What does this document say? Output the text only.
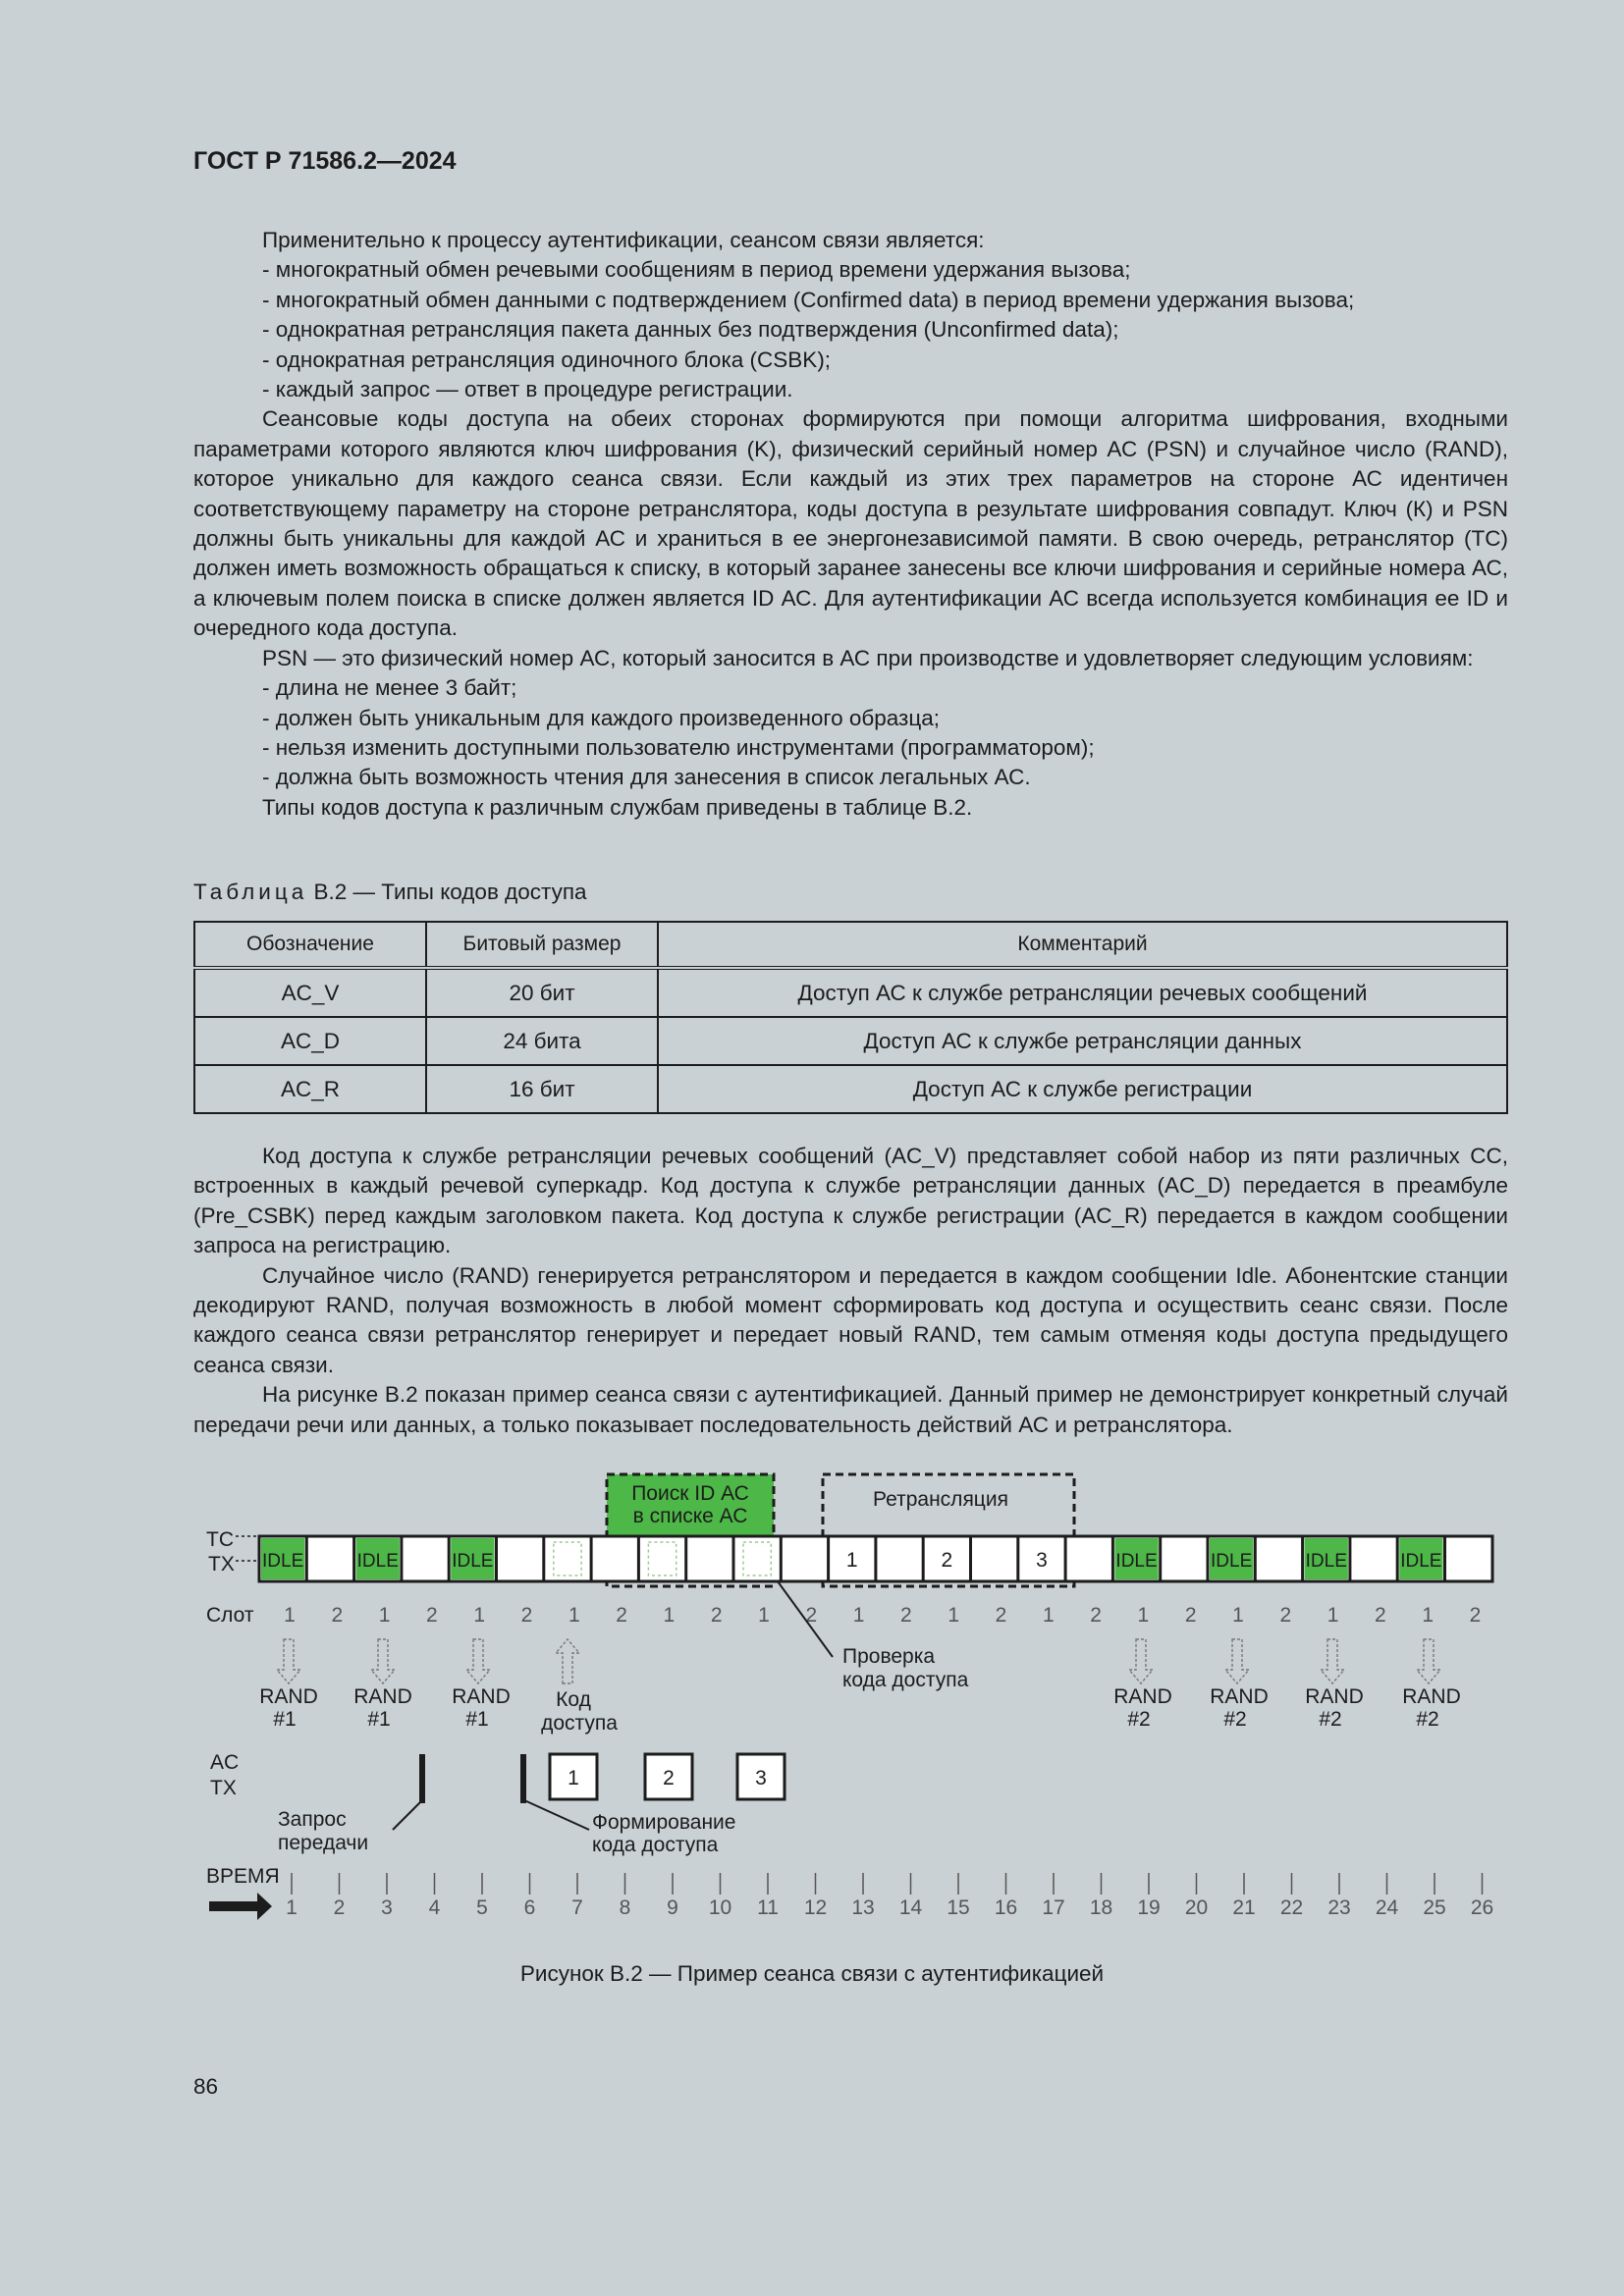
ГОСТ Р 71586.2—2024

Применительно к процессу аутентификации, сеансом связи является:

- многократный обмен речевыми сообщениям в период времени удержания вызова;

- многократный обмен данными с подтверждением (Confirmed data) в период времени удержания вызова;

- однократная ретрансляция пакета данных без подтверждения (Unconfirmed data);

- однократная ретрансляция одиночного блока (CSBK);

- каждый запрос — ответ в процедуре регистрации.

Сеансовые коды доступа на обеих сторонах формируются при помощи алгоритма шифрования, входными параметрами которого являются ключ шифрования (K), физический серийный номер АС (PSN) и случайное число (RAND), которое уникально для каждого сеанса связи. Если каждый из этих трех параметров на стороне АС идентичен соответствующему параметру на стороне ретранслятора, коды доступа в результате шифрования совпадут. Ключ (К) и PSN должны быть уникальны для каждой АС и храниться в ее энергонезависимой памяти. В свою очередь, ретранслятор (ТС) должен иметь возможность обращаться к списку, в который заранее занесены все ключи шифрования и серийные номера АС, а ключевым полем поиска в списке должен является ID АС. Для аутентификации АС всегда используется комбинация ее ID и очередного кода доступа.

PSN — это физический номер АС, который заносится в АС при производстве и удовлетворяет следующим условиям:

- длина не менее 3 байт;

- должен быть уникальным для каждого произведенного образца;

- нельзя изменить доступными пользователю инструментами (программатором);

- должна быть возможность чтения для занесения в список легальных АС.

Типы кодов доступа к различным службам приведены в таблице В.2.

Таблица В.2 — Типы кодов доступа
Обозначение	Битовый размер	Комментарий
AC_V	20 бит	Доступ АС к службе ретрансляции речевых сообщений
AC_D	24 бита	Доступ АС к службе ретрансляции данных
AC_R	16 бит	Доступ АС к службе регистрации

Код доступа к службе ретрансляции речевых сообщений (AC_V) представляет собой набор из пяти различных СС, встроенных в каждый речевой суперкадр. Код доступа к службе ретрансляции данных (AC_D) передается в преамбуле (Pre_CSBK) перед каждым заголовком пакета. Код доступа к службе регистрации (AC_R) передается в каждом сообщении запроса на регистрацию.

Случайное число (RAND) генерируется ретранслятором и передается в каждом сообщении Idle. Абонентские станции декодируют RAND, получая возможность в любой момент сформировать код доступа и осуществить сеанс связи. После каждого сеанса связи ретранслятор генерирует и передает новый RAND, тем самым отменяя коды доступа предыдущего сеанса связи.

На рисунке В.2 показан пример сеанса связи с аутентификацией. Данный пример не демонстрирует конкретный случай передачи речи или данных, а только показывает последовательность действий АС и ретранслятора.

Поиск ID АС
в списке АС
Ретрансляция
TC
TX IDLE	IDLE	IDLE	IDLE	IDLE	IDLE	IDLE
1	2	3
Слот 1 2 1 2 1 2 1 2 1 2 1 2 1 2 1 2 1 2 1 2 1 2 1 2 1 2
RAND
#1
RAND
#1
RAND
#1
Код
доступа
RAND
#2
RAND
#2
RAND
#2
RAND
#2
Проверка
кода доступа
AC
TX	1	2	3
Запрос
передачи
Формирование
кода доступа
ВРЕМЯ
1 2 3 4 5 6 7 8 9 10 11 12 13 14 15 16 17 18 19 20 21 22 23 24 25 26
Рисунок В.2 — Пример сеанса связи с аутентификацией
86
